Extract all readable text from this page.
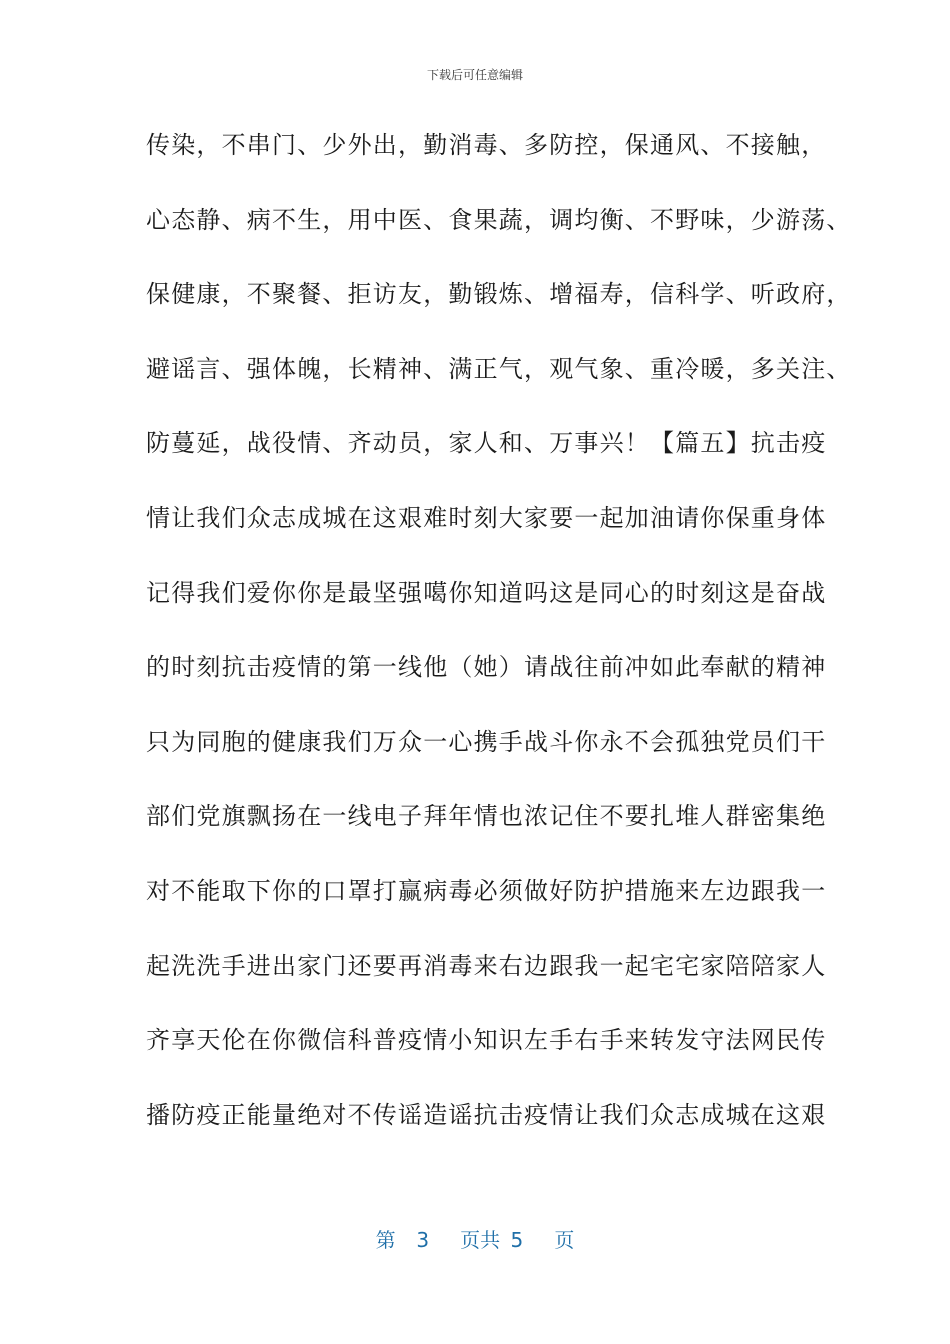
下载后可任意编辑
传染，不串门、少外出，勤消毒、多防控，保通风、不接触，
心态静、病不生，用中医、食果蔬，调均衡、不野味，少游荡、
保健康，不聚餐、拒访友，勤锻炼、增福寿，信科学、听政府，
避谣言、强体魄，长精神、满正气，观气象、重冷暖，多关注、
防蔓延，战役情、齐动员，家人和、万事兴！【篇五】抗击疫
情让我们众志成城在这艰难时刻大家要一起加油请你保重身体
记得我们爱你你是最坚强噶你知道吗这是同心的时刻这是奋战
的时刻抗击疫情的第一线他（她）请战往前冲如此奉献的精神
只为同胞的健康我们万众一心携手战斗你永不会孤独党员们干
部们党旗飘扬在一线电子拜年情也浓记住不要扎堆人群密集绝
对不能取下你的口罩打赢病毒必须做好防护措施来左边跟我一
起洗洗手进出家门还要再消毒来右边跟我一起宅宅家陪陪家人
齐享天伦在你微信科普疫情小知识左手右手来转发守法网民传
播防疫正能量绝对不传谣造谣抗击疫情让我们众志成城在这艰
第  3   页共 5   页
